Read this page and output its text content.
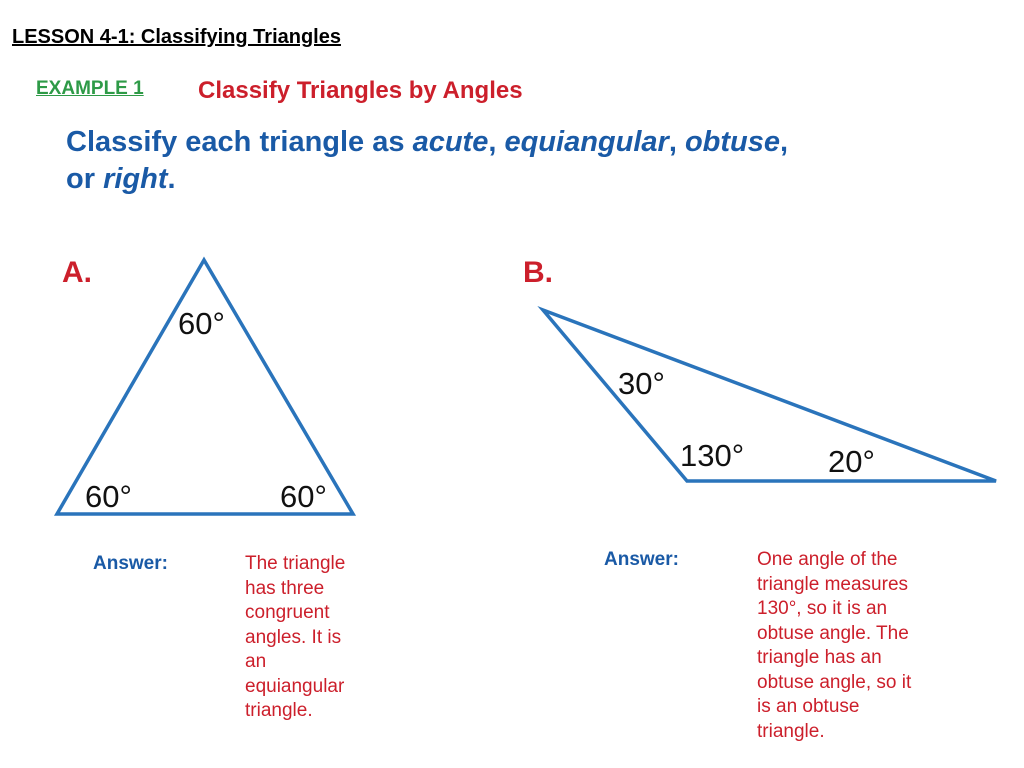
LESSON 4-1: Classifying Triangles
EXAMPLE 1 Classify Triangles by Angles
Classify each triangle as acute, equiangular, obtuse,
or right.
A.	B.
60°
60°	60°
30°
130°	20°
Answer:	The triangle
has three
congruent
angles. It is
an
equiangular
triangle.
Answer:	One angle of the
triangle measures
130°, so it is an
obtuse angle. The
triangle has an
obtuse angle, so it
is an obtuse
triangle.
